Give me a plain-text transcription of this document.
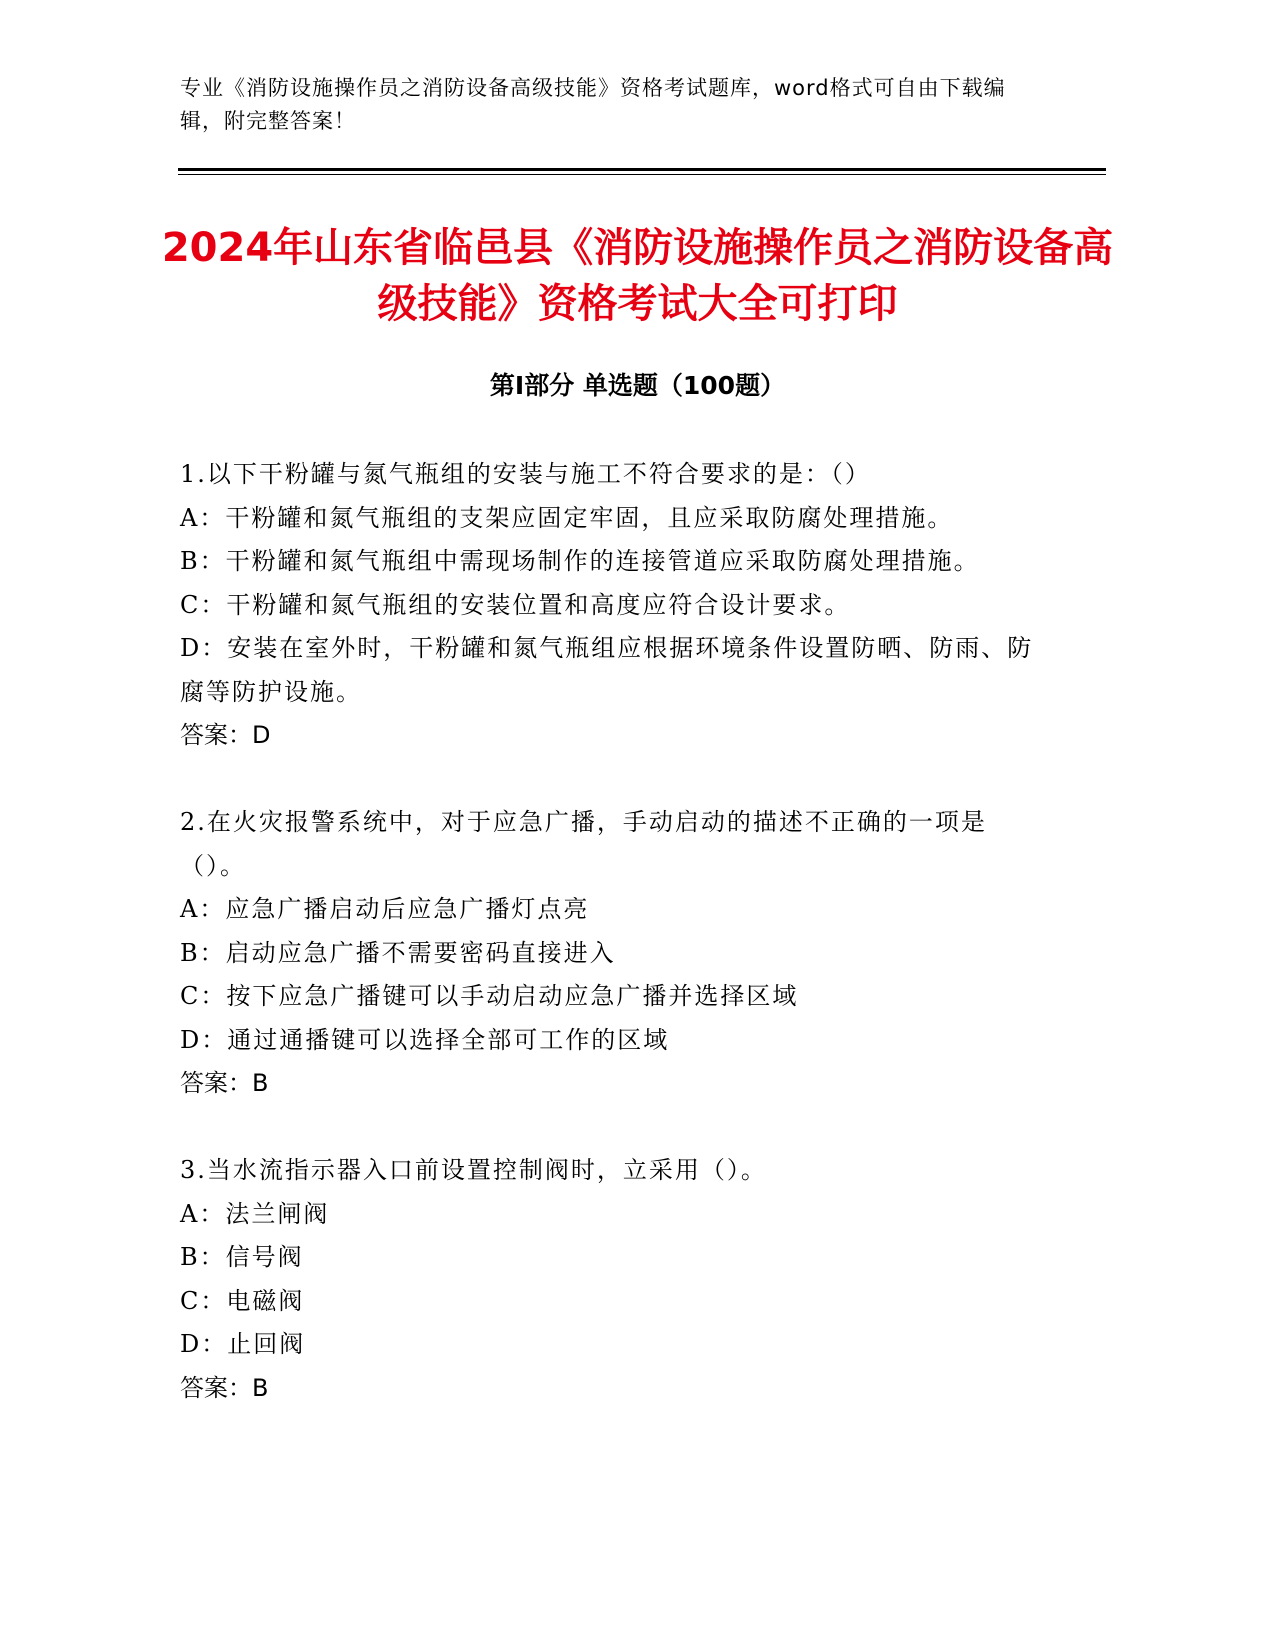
专业《消防设施操作员之消防设备高级技能》资格考试题库，word格式可自由下载编辑，附完整答案！
2024年山东省临邑县《消防设施操作员之消防设备高级技能》资格考试大全可打印
第Ⅰ部分 单选题（100题）
1.以下干粉罐与氮气瓶组的安装与施工不符合要求的是：（）
A：干粉罐和氮气瓶组的支架应固定牢固，且应采取防腐处理措施。
B：干粉罐和氮气瓶组中需现场制作的连接管道应采取防腐处理措施。
C：干粉罐和氮气瓶组的安装位置和高度应符合设计要求。
D：安装在室外时，干粉罐和氮气瓶组应根据环境条件设置防晒、防雨、防腐等防护设施。
答案：D
2.在火灾报警系统中，对于应急广播，手动启动的描述不正确的一项是（）。
A：应急广播启动后应急广播灯点亮
B：启动应急广播不需要密码直接进入
C：按下应急广播键可以手动启动应急广播并选择区域
D：通过通播键可以选择全部可工作的区域
答案：B
3.当水流指示器入口前设置控制阀时，立采用（）。
A：法兰闸阀
B：信号阀
C：电磁阀
D：止回阀
答案：B
